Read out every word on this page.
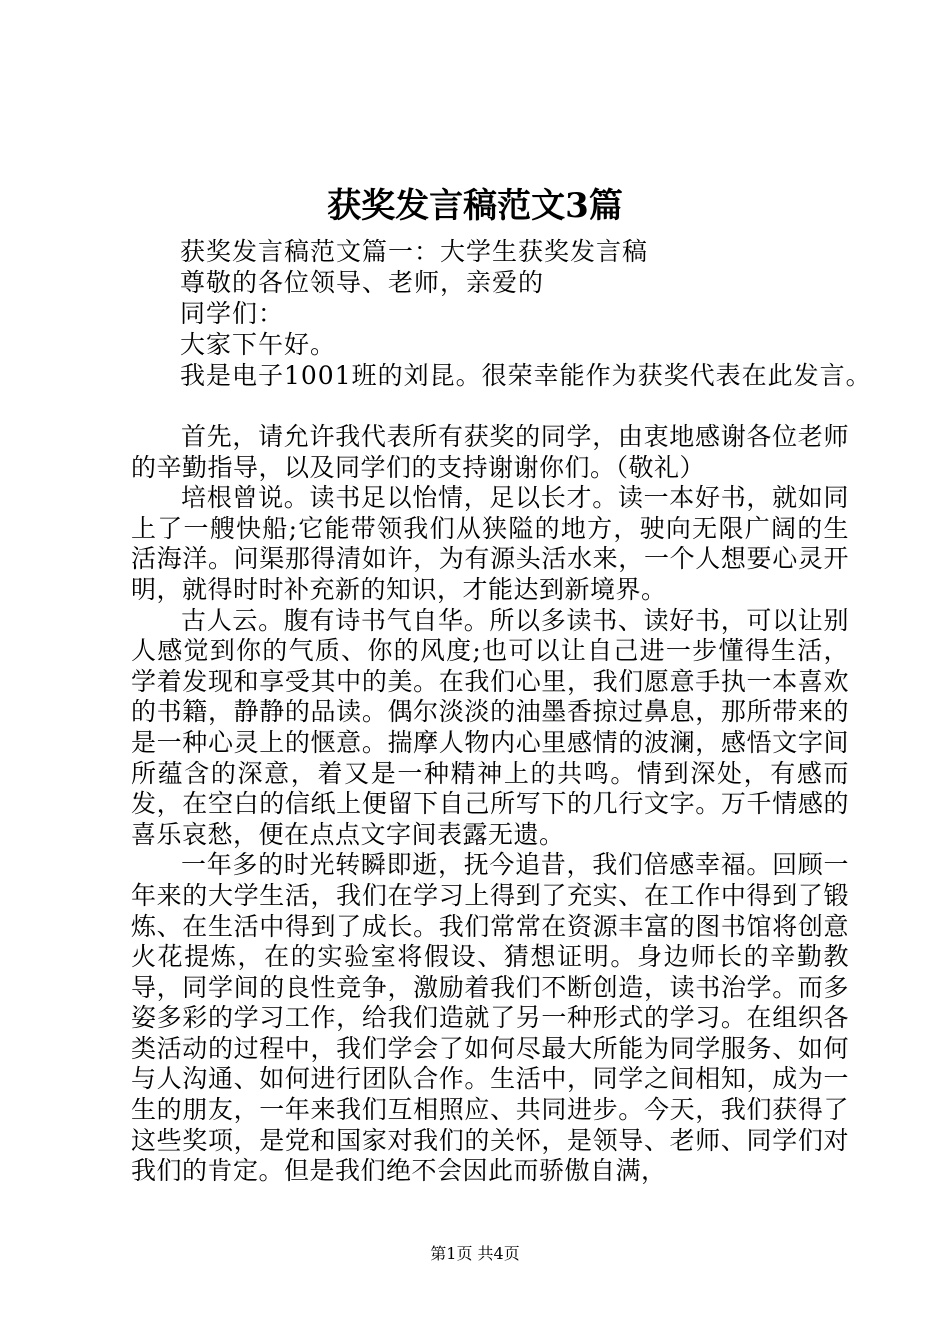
获奖发言稿范文3篇
获奖发言稿范文篇一：大学生获奖发言稿
尊敬的各位领导、老师，亲爱的
同学们：
大家下午好。
我是电子1001班的刘昆。很荣幸能作为获奖代表在此发言。

首先，请允许我代表所有获奖的同学，由衷地感谢各位老师的辛勤指导，以及同学们的支持谢谢你们。（敬礼）

培根曾说。读书足以怡情，足以长才。读一本好书，就如同上了一艘快船;它能带领我们从狭隘的地方，驶向无限广阔的生活海洋。问渠那得清如许，为有源头活水来，一个人想要心灵开明，就得时时补充新的知识，才能达到新境界。

古人云。腹有诗书气自华。所以多读书、读好书，可以让别人感觉到你的气质、你的风度;也可以让自己进一步懂得生活，学着发现和享受其中的美。在我们心里，我们愿意手执一本喜欢的书籍，静静的品读。偶尔淡淡的油墨香掠过鼻息，那所带来的是一种心灵上的惬意。揣摩人物内心里感情的波澜，感悟文字间所蕴含的深意，着又是一种精神上的共鸣。情到深处，有感而发，在空白的信纸上便留下自己所写下的几行文字。万千情感的喜乐哀愁，便在点点文字间表露无遗。

一年多的时光转瞬即逝，抚今追昔，我们倍感幸福。回顾一年来的大学生活，我们在学习上得到了充实、在工作中得到了锻炼、在生活中得到了成长。我们常常在资源丰富的图书馆将创意火花提炼，在的实验室将假设、猜想证明。身边师长的辛勤教导，同学间的良性竞争，激励着我们不断创造，读书治学。而多姿多彩的学习工作，给我们造就了另一种形式的学习。在组织各类活动的过程中，我们学会了如何尽最大所能为同学服务、如何与人沟通、如何进行团队合作。生活中，同学之间相知，成为一生的朋友，一年来我们互相照应、共同进步。今天，我们获得了这些奖项，是党和国家对我们的关怀，是领导、老师、同学们对我们的肯定。但是我们绝不会因此而骄傲自满，

第1页 共4页
